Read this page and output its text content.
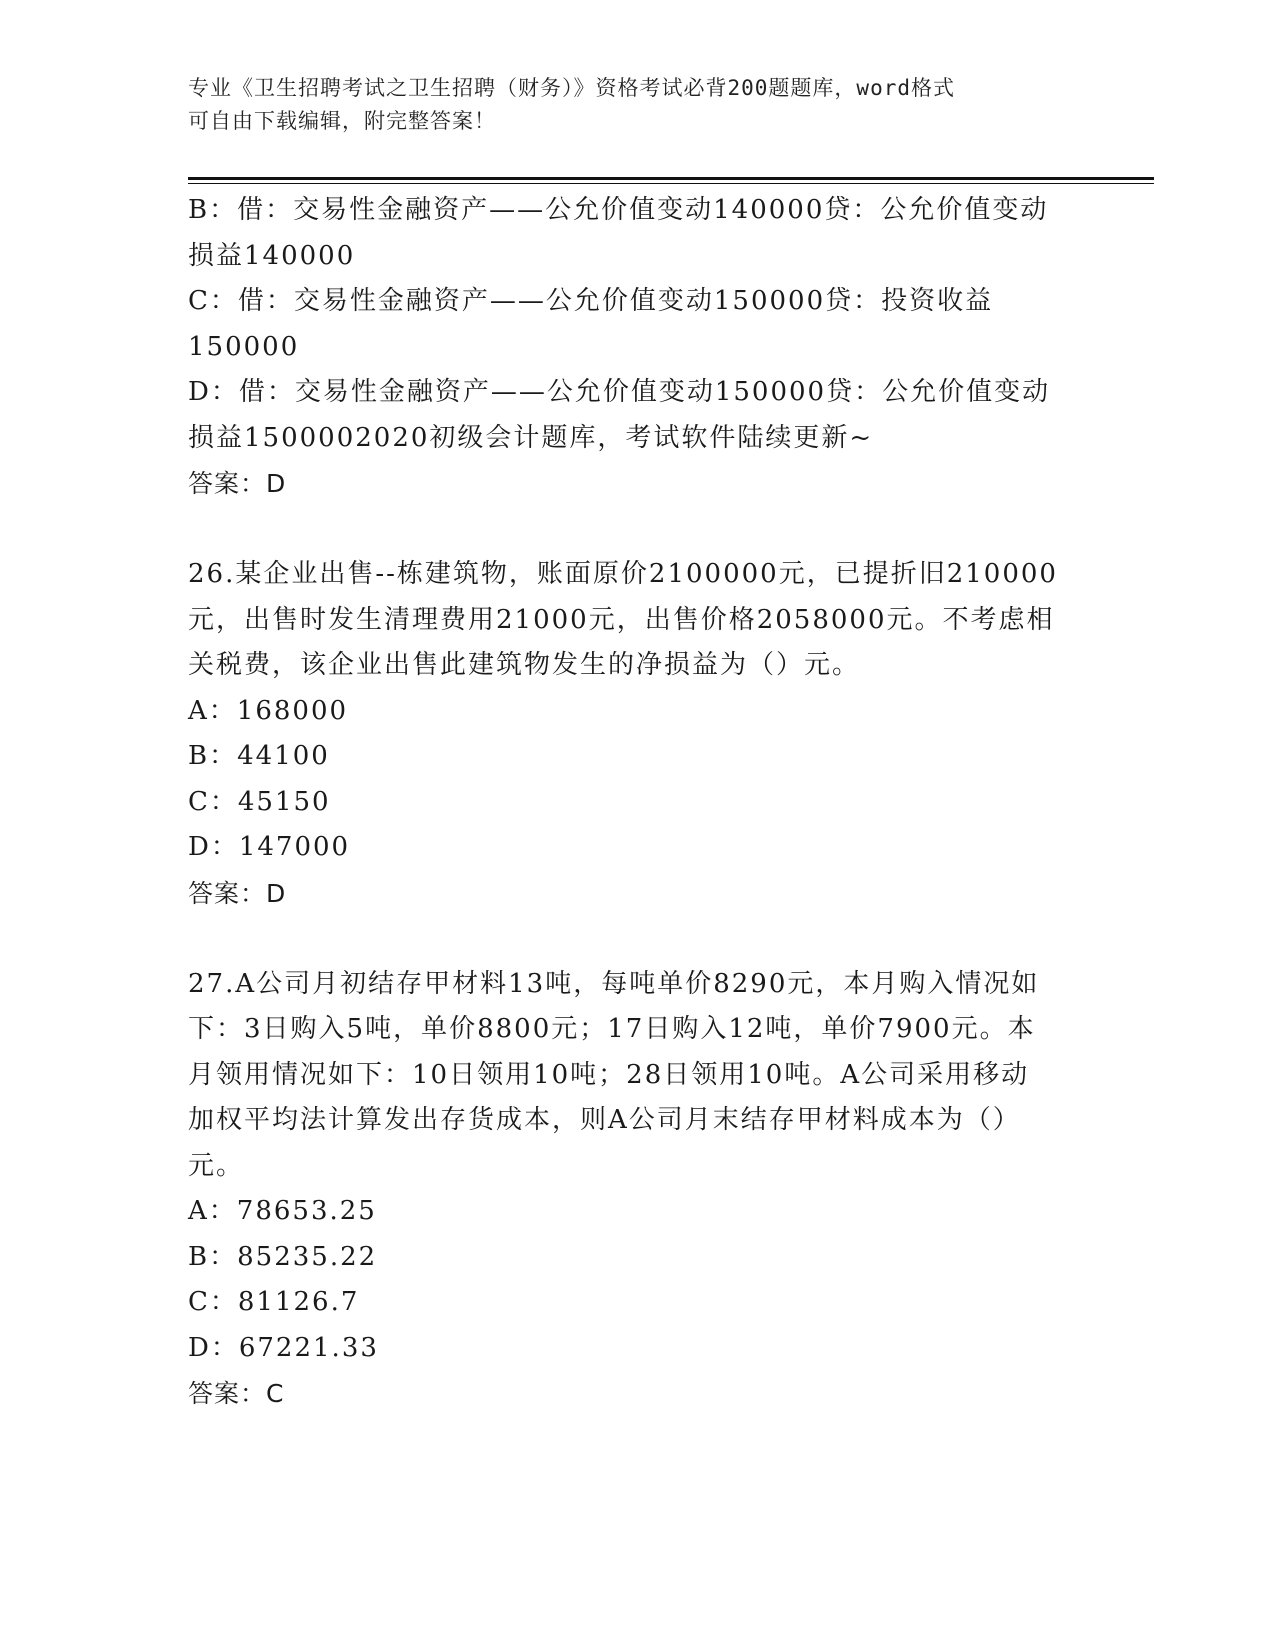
专业《卫生招聘考试之卫生招聘（财务）》资格考试必背200题题库，word格式
可自由下载编辑，附完整答案！
B：借：交易性金融资产——公允价值变动140000贷：公允价值变动
损益140000
C：借：交易性金融资产——公允价值变动150000贷：投资收益
150000
D：借：交易性金融资产——公允价值变动150000贷：公允价值变动
损益1500002020初级会计题库，考试软件陆续更新~
答案：D
26.某企业出售--栋建筑物，账面原价2100000元，已提折旧210000
元，出售时发生清理费用21000元，出售价格2058000元。不考虑相
关税费，该企业出售此建筑物发生的净损益为（）元。
A：168000
B：44100
C：45150
D：147000
答案：D
27.A公司月初结存甲材料13吨，每吨单价8290元，本月购入情况如
下：3日购入5吨，单价8800元；17日购入12吨，单价7900元。本
月领用情况如下：10日领用10吨；28日领用10吨。A公司采用移动
加权平均法计算发出存货成本，则A公司月末结存甲材料成本为（）
元。
A：78653.25
B：85235.22
C：81126.7
D：67221.33
答案：C
